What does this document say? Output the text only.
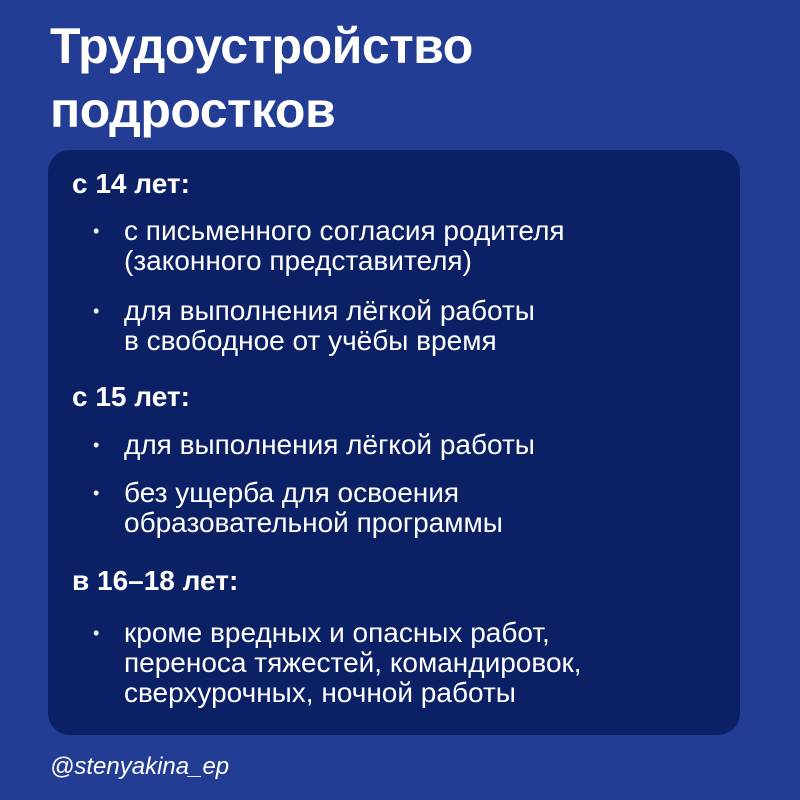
Трудоустройство
подростков
с 14 лет:
• с письменного согласия родителя
(законного представителя)
• для выполнения лёгкой работы
в свободное от учёбы время
с 15 лет:
• для выполнения лёгкой работы
• без ущерба для освоения
образовательной программы
в 16–18 лет:
• кроме вредных и опасных работ,
переноса тяжестей, командировок,
сверхурочных, ночной работы
@stenyakina_ep
